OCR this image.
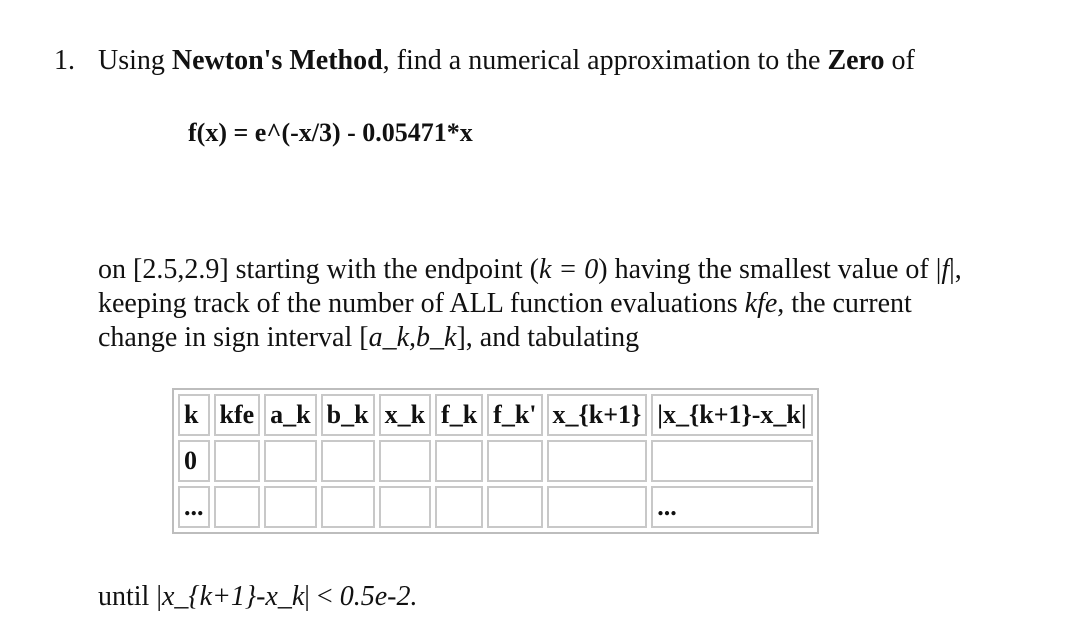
1. Using Newton's Method, find a numerical approximation to the Zero of
f(x) = e^(-x/3) - 0.05471*x
on [2.5,2.9] starting with the endpoint (k = 0) having the smallest value of |f|,
keeping track of the number of ALL function evaluations kfe, the current
change in sign interval [a_k,b_k], and tabulating
k	kfe	a_k	b_k	x_k	f_k	f_k'	x_{k+1}	|x_{k+1}-x_k|
0								
...								...
until |x_{k+1}-x_k| < 0.5e-2.
